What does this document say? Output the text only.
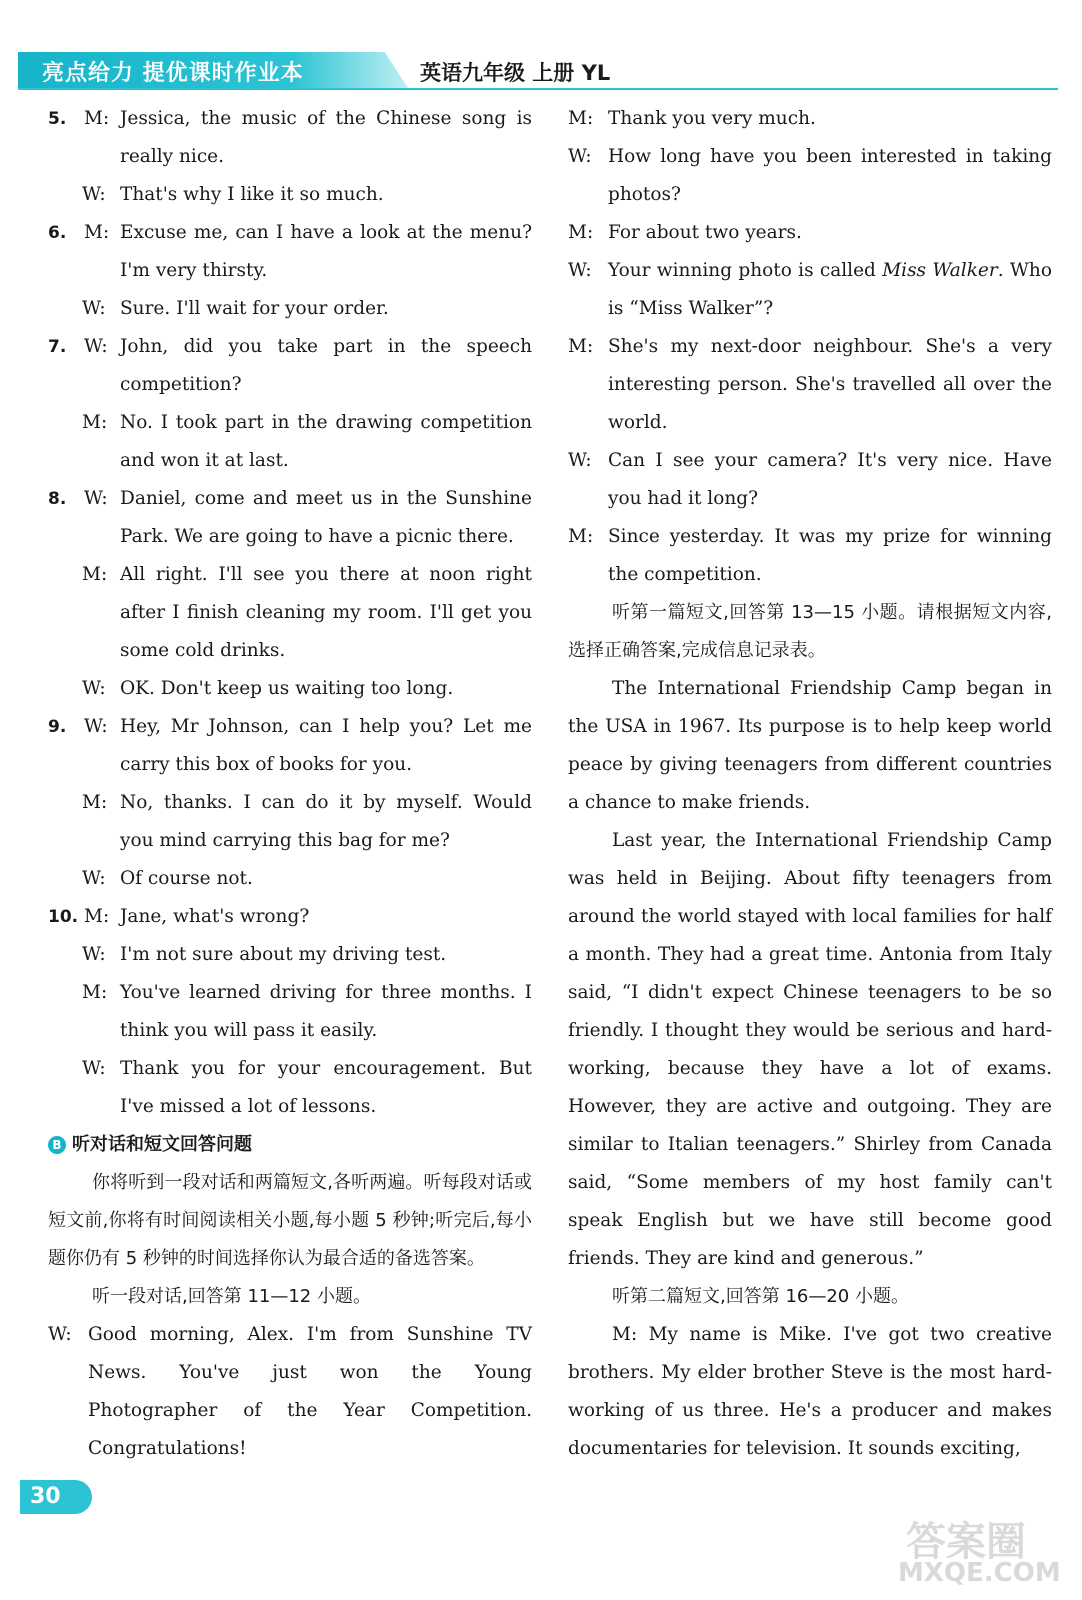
亮点给力 提优课时作业本	英语九年级 上册 YL
5. M: Jessica, the music of the Chinese song is really nice.
W: That's why I like it so much.
6. M: Excuse me, can I have a look at the menu? I'm very thirsty.
W: Sure. I'll wait for your order.
7. W: John, did you take part in the speech competition?
M: No. I took part in the drawing competition and won it at last.
8. W: Daniel, come and meet us in the Sunshine Park. We are going to have a picnic there.
M: All right. I'll see you there at noon right after I finish cleaning my room. I'll get you some cold drinks.
W: OK. Don't keep us waiting too long.
9. W: Hey, Mr Johnson, can I help you? Let me carry this box of books for you.
M: No, thanks. I can do it by myself. Would you mind carrying this bag for me?
W: Of course not.
10. M: Jane, what's wrong?
W: I'm not sure about my driving test.
M: You've learned driving for three months. I think you will pass it easily.
W: Thank you for your encouragement. But I've missed a lot of lessons.
B 听对话和短文回答问题
你将听到一段对话和两篇短文,各听两遍。听每段对话或短文前,你将有时间阅读相关小题,每小题 5 秒钟;听完后,每小题你仍有 5 秒钟的时间选择你认为最合适的备选答案。
听一段对话,回答第 11—12 小题。
W: Good morning, Alex. I'm from Sunshine TV News. You've just won the Young Photographer of the Year Competition. Congratulations!
M: Thank you very much.
W: How long have you been interested in taking photos?
M: For about two years.
W: Your winning photo is called Miss Walker. Who is “Miss Walker”?
M: She's my next-door neighbour. She's a very interesting person. She's travelled all over the world.
W: Can I see your camera? It's very nice. Have you had it long?
M: Since yesterday. It was my prize for winning the competition.
听第一篇短文,回答第 13—15 小题。请根据短文内容,选择正确答案,完成信息记录表。
The International Friendship Camp began in the USA in 1967. Its purpose is to help keep world peace by giving teenagers from different countries a chance to make friends.
Last year, the International Friendship Camp was held in Beijing. About fifty teenagers from around the world stayed with local families for half a month. They had a great time. Antonia from Italy said, “I didn't expect Chinese teenagers to be so friendly. I thought they would be serious and hard-working, because they have a lot of exams. However, they are active and outgoing. They are similar to Italian teenagers.” Shirley from Canada said, “Some members of my host family can't speak English but we have still become good friends. They are kind and generous.”
听第二篇短文,回答第 16—20 小题。
M: My name is Mike. I've got two creative brothers. My elder brother Steve is the most hard-working of us three. He's a producer and makes documentaries for television. It sounds exciting,
30
答案圈
MXQE.COM
